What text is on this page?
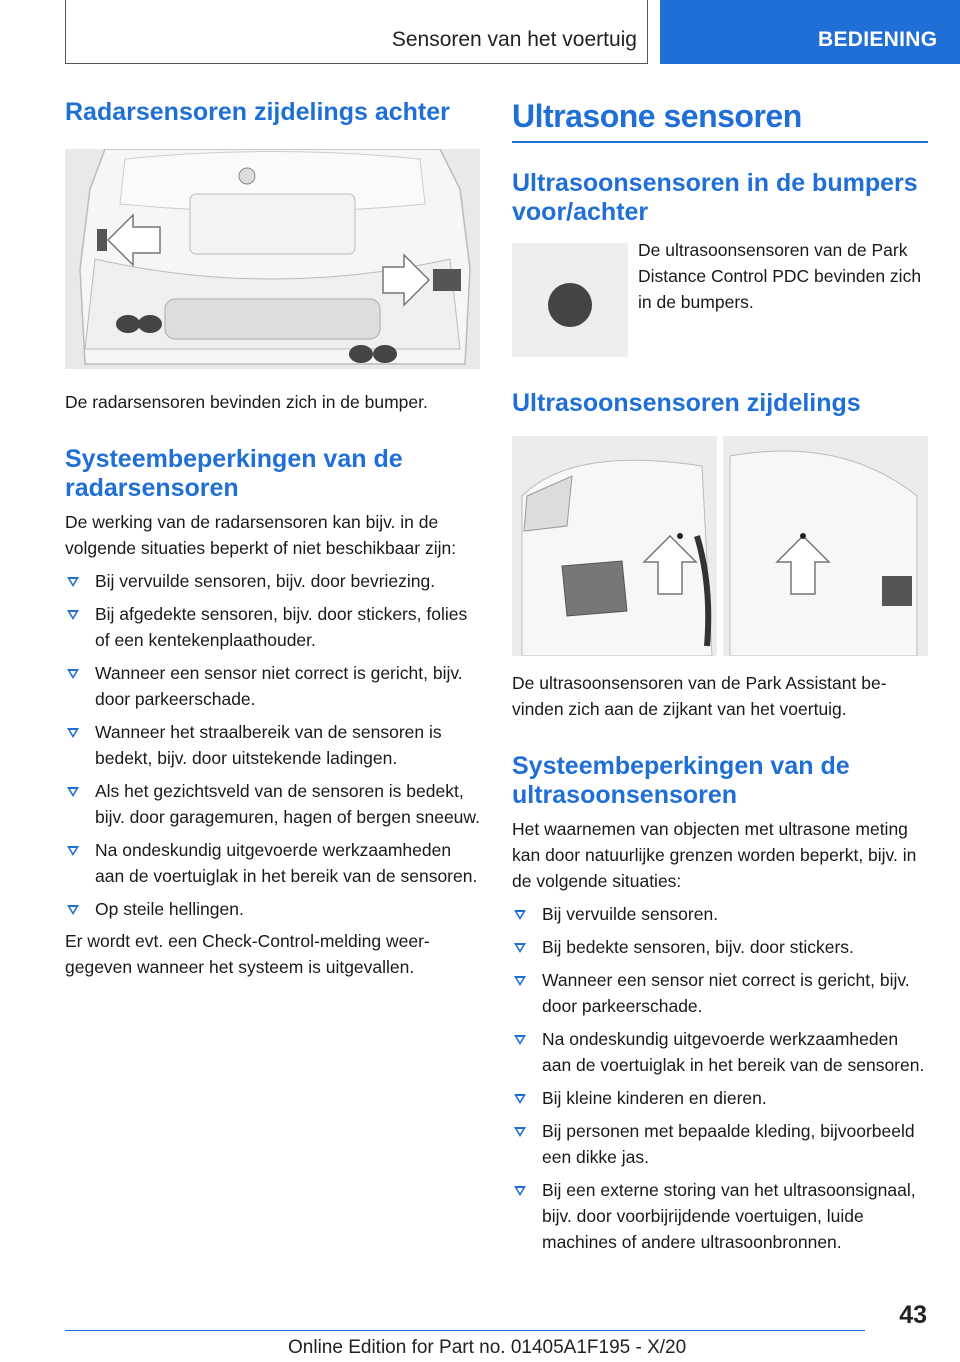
Sensoren van het voertuig	BEDIENING
Radarsensoren zijdelings achter

De radarsensoren bevinden zich in de bumper.

Systeembeperkingen van de radarsensoren

De werking van de radarsensoren kan bijv. in de volgende situaties beperkt of niet beschikbaar zijn:

Bij vervuilde sensoren, bijv. door bevriezing.
Bij afgedekte sensoren, bijv. door stickers, folies of een kentekenplaathouder.
Wanneer een sensor niet correct is gericht, bijv. door parkeerschade.
Wanneer het straalbereik van de sensoren is bedekt, bijv. door uitstekende ladingen.
Als het gezichtsveld van de sensoren is bedekt, bijv. door garagemuren, hagen of bergen sneeuw.
Na ondeskundig uitgevoerde werkzaamheden aan de voertuiglak in het bereik van de sensoren.
Op steile hellingen.

Er wordt evt. een Check-Control-melding weergegeven wanneer het systeem is uitgevallen.

Ultrasone sensoren
Ultrasoonsensoren in de bumpers voor/achter

De ultrasoonsensoren van de Park Distance Control PDC bevinden zich in de bumpers.

Ultrasoonsensoren zijdelings

De ultrasoonsensoren van de Park Assistant bevinden zich aan de zijkant van het voertuig.

Systeembeperkingen van de ultrasoonsensoren

Het waarnemen van objecten met ultrasone meting kan door natuurlijke grenzen worden beperkt, bijv. in de volgende situaties:

Bij vervuilde sensoren.
Bij bedekte sensoren, bijv. door stickers.
Wanneer een sensor niet correct is gericht, bijv. door parkeerschade.
Na ondeskundig uitgevoerde werkzaamheden aan de voertuiglak in het bereik van de sensoren.
Bij kleine kinderen en dieren.
Bij personen met bepaalde kleding, bijvoorbeeld een dikke jas.
Bij een externe storing van het ultrasoonsignaal, bijv. door voorbijrijdende voertuigen, luide machines of andere ultrasoonbronnen.
43
Online Edition for Part no. 01405A1F195 - X/20
